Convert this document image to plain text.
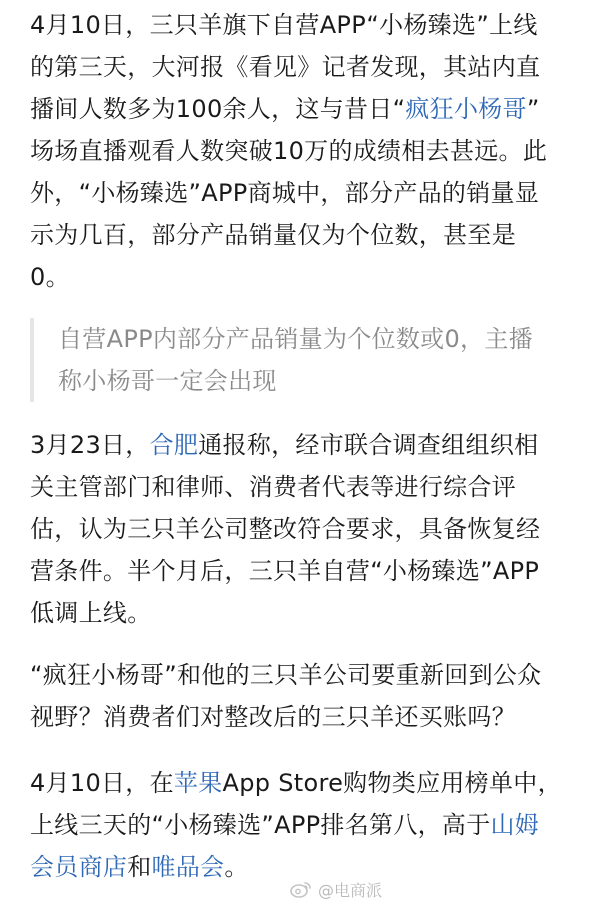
4月10日，三只羊旗下自营APP“小杨臻选”上线
的第三天，大河报《看见》记者发现，其站内直
播间人数多为100余人，这与昔日“疯狂小杨哥”
场场直播观看人数突破10万的成绩相去甚远。此
外，“小杨臻选”APP商城中，部分产品的销量显
示为几百，部分产品销量仅为个位数，甚至是
0。

自营APP内部分产品销量为个位数或0，主播
称小杨哥一定会出现

3月23日，合肥通报称，经市联合调查组组织相
关主管部门和律师、消费者代表等进行综合评
估，认为三只羊公司整改符合要求，具备恢复经
营条件。半个月后，三只羊自营“小杨臻选”APP
低调上线。

“疯狂小杨哥”和他的三只羊公司要重新回到公众
视野？消费者们对整改后的三只羊还买账吗？

4月10日，在苹果App Store购物类应用榜单中，
上线三天的“小杨臻选”APP排名第八，高于山姆
会员商店和唯品会。

@电商派
